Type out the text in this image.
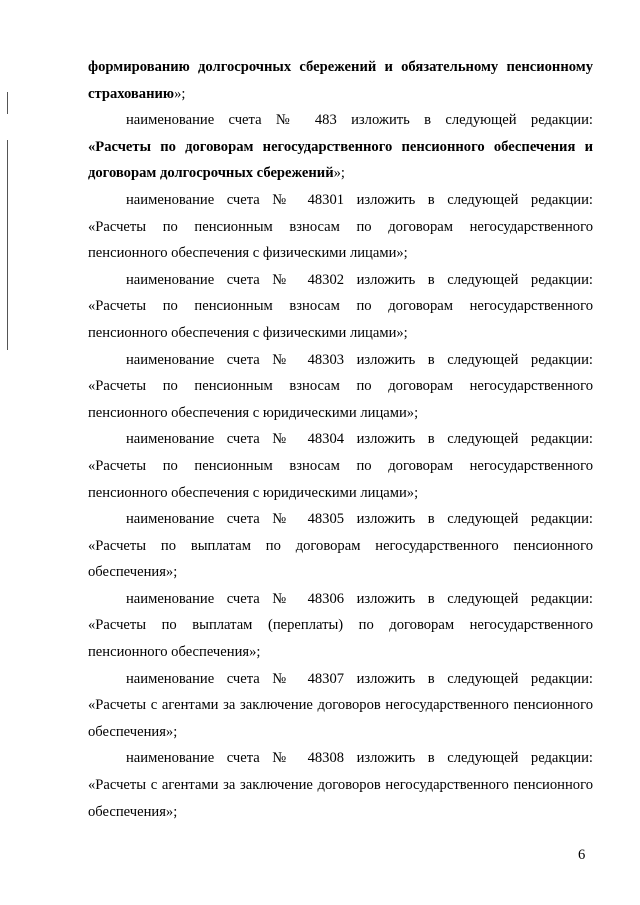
формированию долгосрочных сбережений и обязательному пенсионному страхованию»;

наименование счета № 483 изложить в следующей редакции:
«Расчеты по договорам негосударственного пенсионного обеспечения и договорам долгосрочных сбережений»;
наименование счета № 48301 изложить в следующей редакции:
«Расчеты по пенсионным взносам по договорам негосударственного пенсионного обеспечения с физическими лицами»;
наименование счета № 48302 изложить в следующей редакции:
«Расчеты по пенсионным взносам по договорам негосударственного пенсионного обеспечения с физическими лицами»;
наименование счета № 48303 изложить в следующей редакции:
«Расчеты по пенсионным взносам по договорам негосударственного пенсионного обеспечения с юридическими лицами»;
наименование счета № 48304 изложить в следующей редакции:
«Расчеты по пенсионным взносам по договорам негосударственного пенсионного обеспечения с юридическими лицами»;
наименование счета № 48305 изложить в следующей редакции:
«Расчеты по выплатам по договорам негосударственного пенсионного обеспечения»;
наименование счета № 48306 изложить в следующей редакции:
«Расчеты по выплатам (переплаты) по договорам негосударственного пенсионного обеспечения»;
наименование счета № 48307 изложить в следующей редакции:
«Расчеты с агентами за заключение договоров негосударственного пенсионного обеспечения»;
наименование счета № 48308 изложить в следующей редакции:
«Расчеты с агентами за заключение договоров негосударственного пенсионного обеспечения»;
6
